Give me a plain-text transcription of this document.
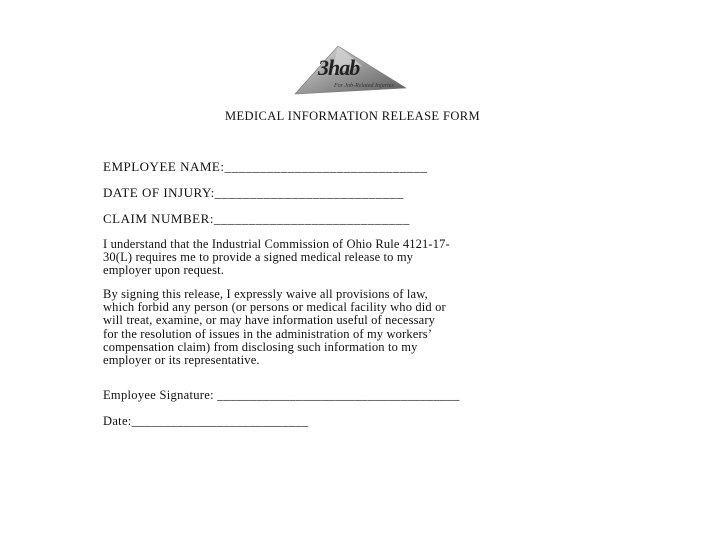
3hab
For Job-Related Injuries
MEDICAL INFORMATION RELEASE FORM
EMPLOYEE NAME:_____________________________
DATE OF INJURY:___________________________
CLAIM NUMBER:____________________________
I understand that the Industrial Commission of Ohio Rule 4121-17-
30(L) requires me to provide a signed medical release to my
employer upon request.
By signing this release, I expressly waive all provisions of law,
which forbid any person (or persons or medical facility who did or
will treat, examine, or may have information useful of necessary
for the resolution of issues in the administration of my workers’
compensation claim) from disclosing such information to my
employer or its representative.
Employee Signature: _____________________________________
Date:___________________________
